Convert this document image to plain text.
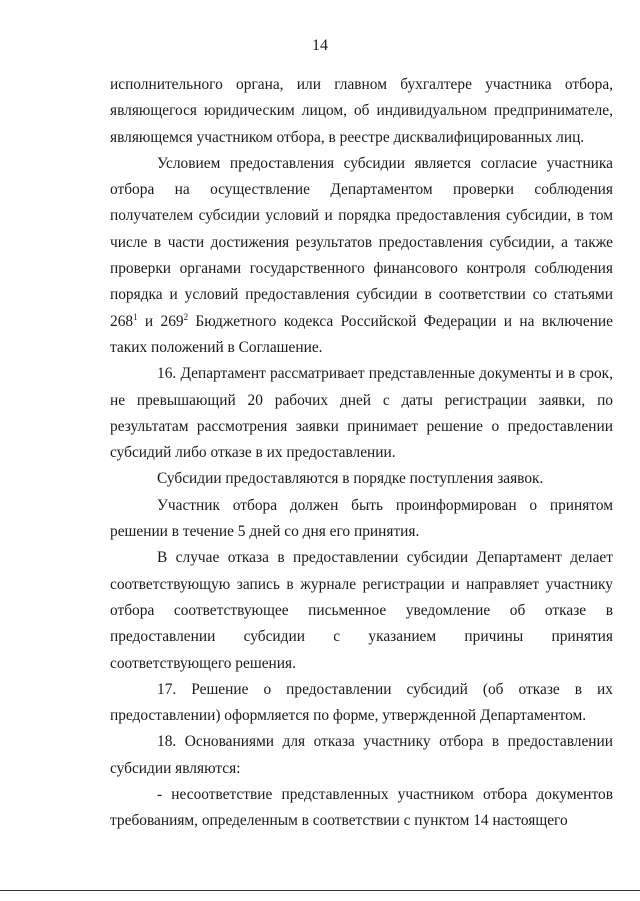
14

исполнительного органа, или главном бухгалтере участника отбора, являющегося юридическим лицом, об индивидуальном предпринимателе, являющемся участником отбора, в реестре дисквалифицированных лиц.

Условием предоставления субсидии является согласие участника отбора на осуществление Департаментом проверки соблюдения получателем субсидии условий и порядка предоставления субсидии, в том числе в части достижения результатов предоставления субсидии, а также проверки органами государственного финансового контроля соблюдения порядка и условий предоставления субсидии в соответствии со статьями $268^1$ и $269^2$ Бюджетного кодекса Российской Федерации и на включение таких положений в Соглашение.

16. Департамент рассматривает представленные документы и в срок, не превышающий 20 рабочих дней с даты регистрации заявки, по результатам рассмотрения заявки принимает решение о предоставлении субсидий либо отказе в их предоставлении.

Субсидии предоставляются в порядке поступления заявок.

Участник отбора должен быть проинформирован о принятом решении в течение 5 дней со дня его принятия.

В случае отказа в предоставлении субсидии Департамент делает соответствующую запись в журнале регистрации и направляет участнику отбора соответствующее письменное уведомление об отказе в предоставлении субсидии с указанием причины принятия соответствующего решения.

17. Решение о предоставлении субсидий (об отказе в их предоставлении) оформляется по форме, утвержденной Департаментом.

18. Основаниями для отказа участнику отбора в предоставлении субсидии являются:

- несоответствие представленных участником отбора документов требованиям, определенным в соответствии с пунктом 14 настоящего
